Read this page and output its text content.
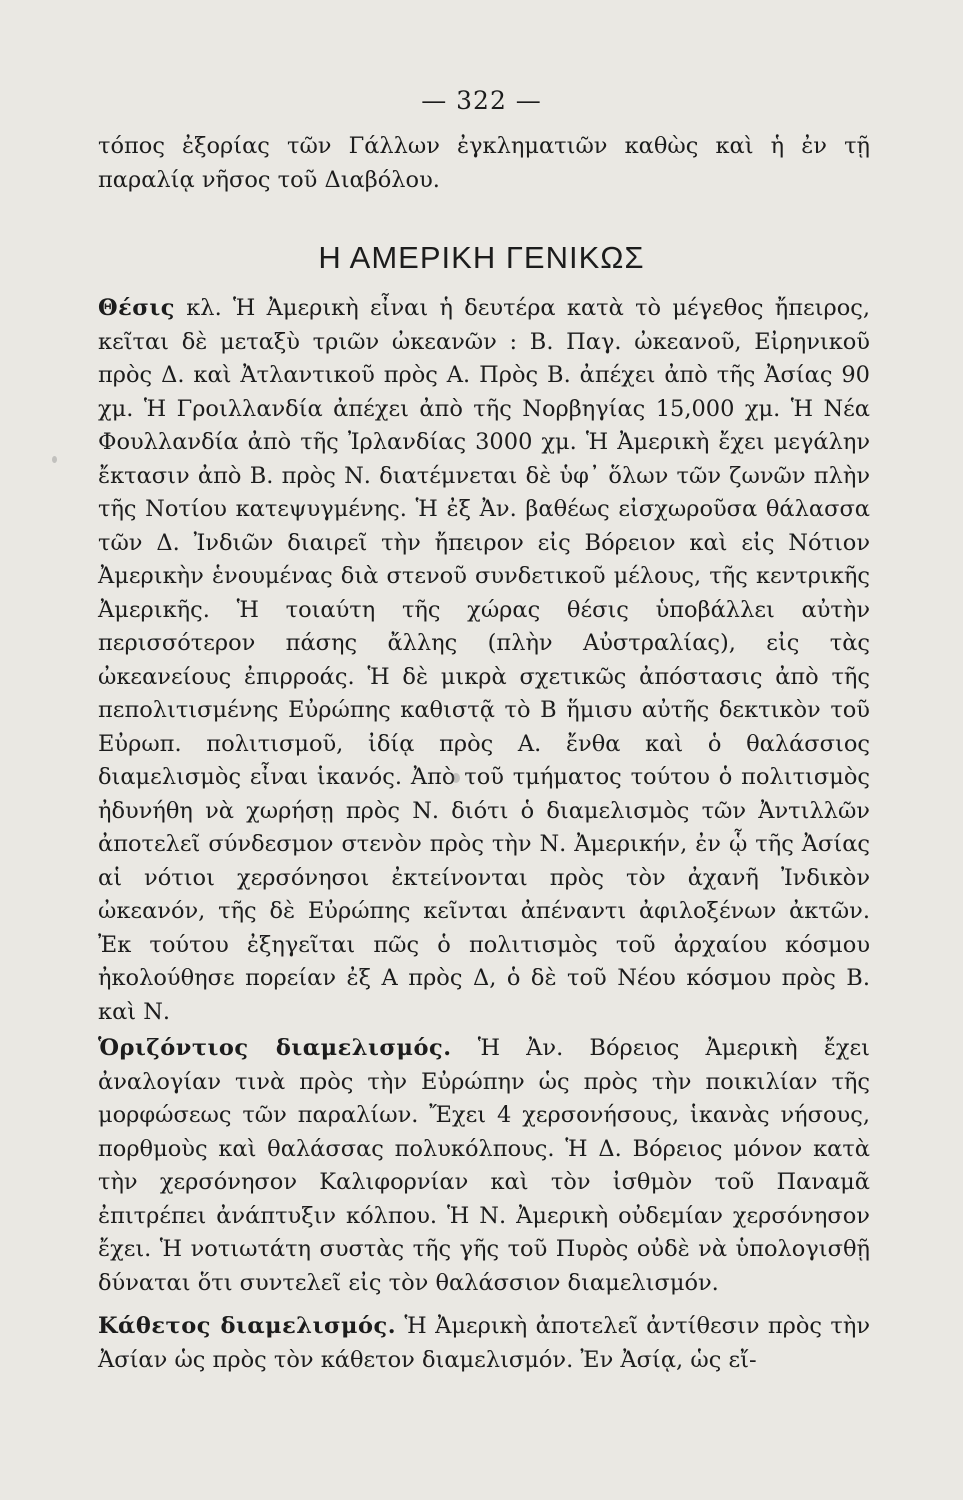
— 322 —

τόπος ἐξορίας τῶν Γάλλων ἐγκληματιῶν καθὼς καὶ ἡ ἐν τῇ παραλίᾳ νῆσος τοῦ Διαβόλου.

Η ΑΜΕΡΙΚΗ ΓΕΝΙΚΩΣ

Θέσις κλ. Ἡ Ἀμερικὴ εἶναι ἡ δευτέρα κατὰ τὸ μέγεθος ἤπειρος, κεῖται δὲ μεταξὺ τριῶν ὠκεανῶν : Β. Παγ. ὠκεανοῦ, Εἰρηνικοῦ πρὸς Δ. καὶ Ἀτλαντικοῦ πρὸς Α. Πρὸς Β. ἀπέχει ἀπὸ τῆς Ἀσίας 90 χμ. Ἡ Γροιλλανδία ἀπέχει ἀπὸ τῆς Νορβηγίας 15,000 χμ. Ἡ Νέα Φουλλανδία ἀπὸ τῆς Ἰρλανδίας 3000 χμ. Ἡ Ἀμερικὴ ἔχει μεγάλην ἔκτασιν ἀπὸ Β. πρὸς Ν. διατέμνεται δὲ ὑφ᾽ ὅλων τῶν ζωνῶν πλὴν τῆς Νοτίου κατεψυγμένης. Ἡ ἐξ Ἀν. βαθέως εἰσχωροῦσα θάλασσα τῶν Δ. Ἰνδιῶν διαιρεῖ τὴν ἤπειρον εἰς Βόρειον καὶ εἰς Νότιον Ἀμερικὴν ἑνουμένας διὰ στενοῦ συνδετικοῦ μέλους, τῆς κεντρικῆς Ἀμερικῆς. Ἡ τοιαύτη τῆς χώρας θέσις ὑποβάλλει αὐτὴν περισσότερον πάσης ἄλλης (πλὴν Αὐστραλίας), εἰς τὰς ὠκεανείους ἐπιρροάς. Ἡ δὲ μικρὰ σχετικῶς ἀπόστασις ἀπὸ τῆς πεπολιτισμένης Εὐρώπης καθιστᾷ τὸ Β ἥμισυ αὐτῆς δεκτικὸν τοῦ Εὐρωπ. πολιτισμοῦ, ἰδίᾳ πρὸς Α. ἔνθα καὶ ὁ θαλάσσιος διαμελισμὸς εἶναι ἱκανός. Ἀπὸ τοῦ τμήματος τούτου ὁ πολιτισμὸς ἠδυνήθη νὰ χωρήσῃ πρὸς Ν. διότι ὁ διαμελισμὸς τῶν Ἀντιλλῶν ἀποτελεῖ σύνδεσμον στενὸν πρὸς τὴν Ν. Ἀμερικήν, ἐν ᾧ τῆς Ἀσίας αἱ νότιοι χερσόνησοι ἐκτείνονται πρὸς τὸν ἀχανῆ Ἰνδικὸν ὠκεανόν, τῆς δὲ Εὐρώπης κεῖνται ἀπέναντι ἀφιλοξένων ἀκτῶν. Ἐκ τούτου ἐξηγεῖται πῶς ὁ πολιτισμὸς τοῦ ἀρχαίου κόσμου ἠκολούθησε πορείαν ἐξ Α πρὸς Δ, ὁ δὲ τοῦ Νέου κόσμου πρὸς Β. καὶ Ν.

Ὁριζόντιος διαμελισμός. Ἡ Ἀν. Βόρειος Ἀμερικὴ ἔχει ἀναλογίαν τινὰ πρὸς τὴν Εὐρώπην ὡς πρὸς τὴν ποικιλίαν τῆς μορφώσεως τῶν παραλίων. Ἔχει 4 χερσονήσους, ἱκανὰς νήσους, πορθμοὺς καὶ θαλάσσας πολυκόλπους. Ἡ Δ. Βόρειος μόνον κατὰ τὴν χερσόνησον Καλιφορνίαν καὶ τὸν ἰσθμὸν τοῦ Παναμᾶ ἐπιτρέπει ἀνάπτυξιν κόλπου. Ἡ Ν. Ἀμερικὴ οὐδεμίαν χερσόνησον ἔχει. Ἡ νοτιωτάτη συστὰς τῆς γῆς τοῦ Πυρὸς οὐδὲ νὰ ὑπολογισθῇ δύναται ὅτι συντελεῖ εἰς τὸν θαλάσσιον διαμελισμόν.

Κάθετος διαμελισμός. Ἡ Ἀμερικὴ ἀποτελεῖ ἀντίθεσιν πρὸς τὴν Ἀσίαν ὡς πρὸς τὸν κάθετον διαμελισμόν. Ἐν Ἀσίᾳ, ὡς εἴ-
